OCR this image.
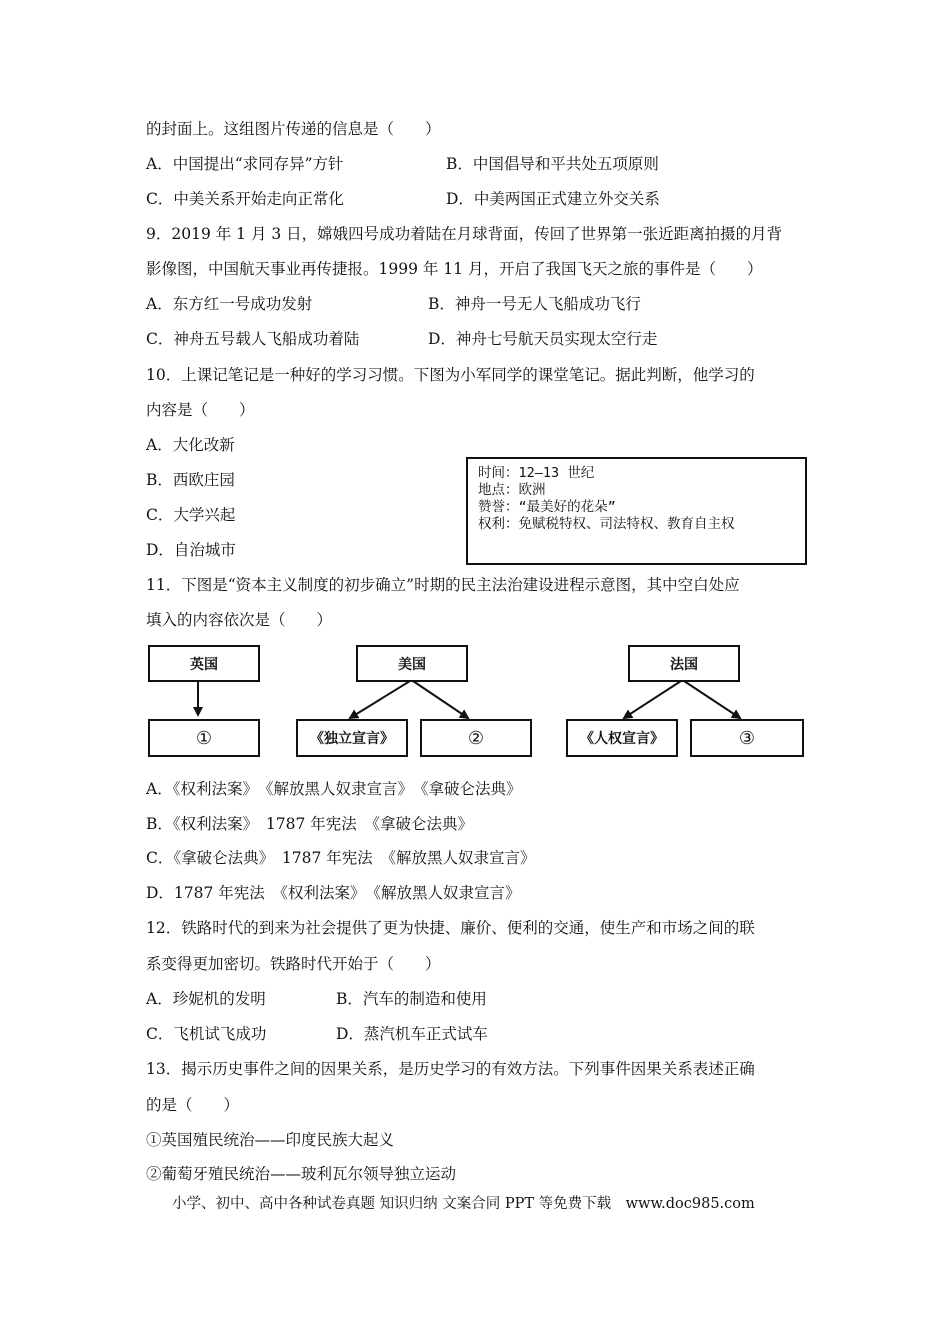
的封面上。这组图片传递的信息是（　　）
A．中国提出“求同存异”方针	B．中国倡导和平共处五项原则
C．中美关系开始走向正常化	D．中美两国正式建立外交关系
9．2019 年 1 月 3 日，嫦娥四号成功着陆在月球背面，传回了世界第一张近距离拍摄的月背
影像图，中国航天事业再传捷报。1999 年 11 月，开启了我国飞天之旅的事件是（　　）
A．东方红一号成功发射	B．神舟一号无人飞船成功飞行
C．神舟五号载人飞船成功着陆	D．神舟七号航天员实现太空行走
10．上课记笔记是一种好的学习习惯。下图为小军同学的课堂笔记。据此判断，他学习的
内容是（　　）
A．大化改新
B．西欧庄园
C．大学兴起
D．自治城市
时间：12—13 世纪
地点：欧洲
赞誉：“最美好的花朵”
权利：免赋税特权、司法特权、教育自主权
11．下图是“资本主义制度的初步确立”时期的民主法治建设进程示意图，其中空白处应
填入的内容依次是（　　）
英国
①
美国
《独立宣言》	②
法国
《人权宣言》	③
A．《权利法案》　《解放黑人奴隶宣言》　《拿破仑法典》
B．《权利法案》　1787 年宪法　《拿破仑法典》
C．《拿破仑法典》　1787 年宪法　《解放黑人奴隶宣言》
D．1787 年宪法　《权利法案》　《解放黑人奴隶宣言》
12．铁路时代的到来为社会提供了更为快捷、廉价、便利的交通，使生产和市场之间的联
系变得更加密切。铁路时代开始于（　　）
A．珍妮机的发明	B．汽车的制造和使用
C．飞机试飞成功	D．蒸汽机车正式试车
13．揭示历史事件之间的因果关系，是历史学习的有效方法。下列事件因果关系表述正确
的是（　　）
①英国殖民统治——印度民族大起义
②葡萄牙殖民统治——玻利瓦尔领导独立运动
小学、初中、高中各种试卷真题 知识归纳 文案合同 PPT 等免费下载　www.doc985.com
